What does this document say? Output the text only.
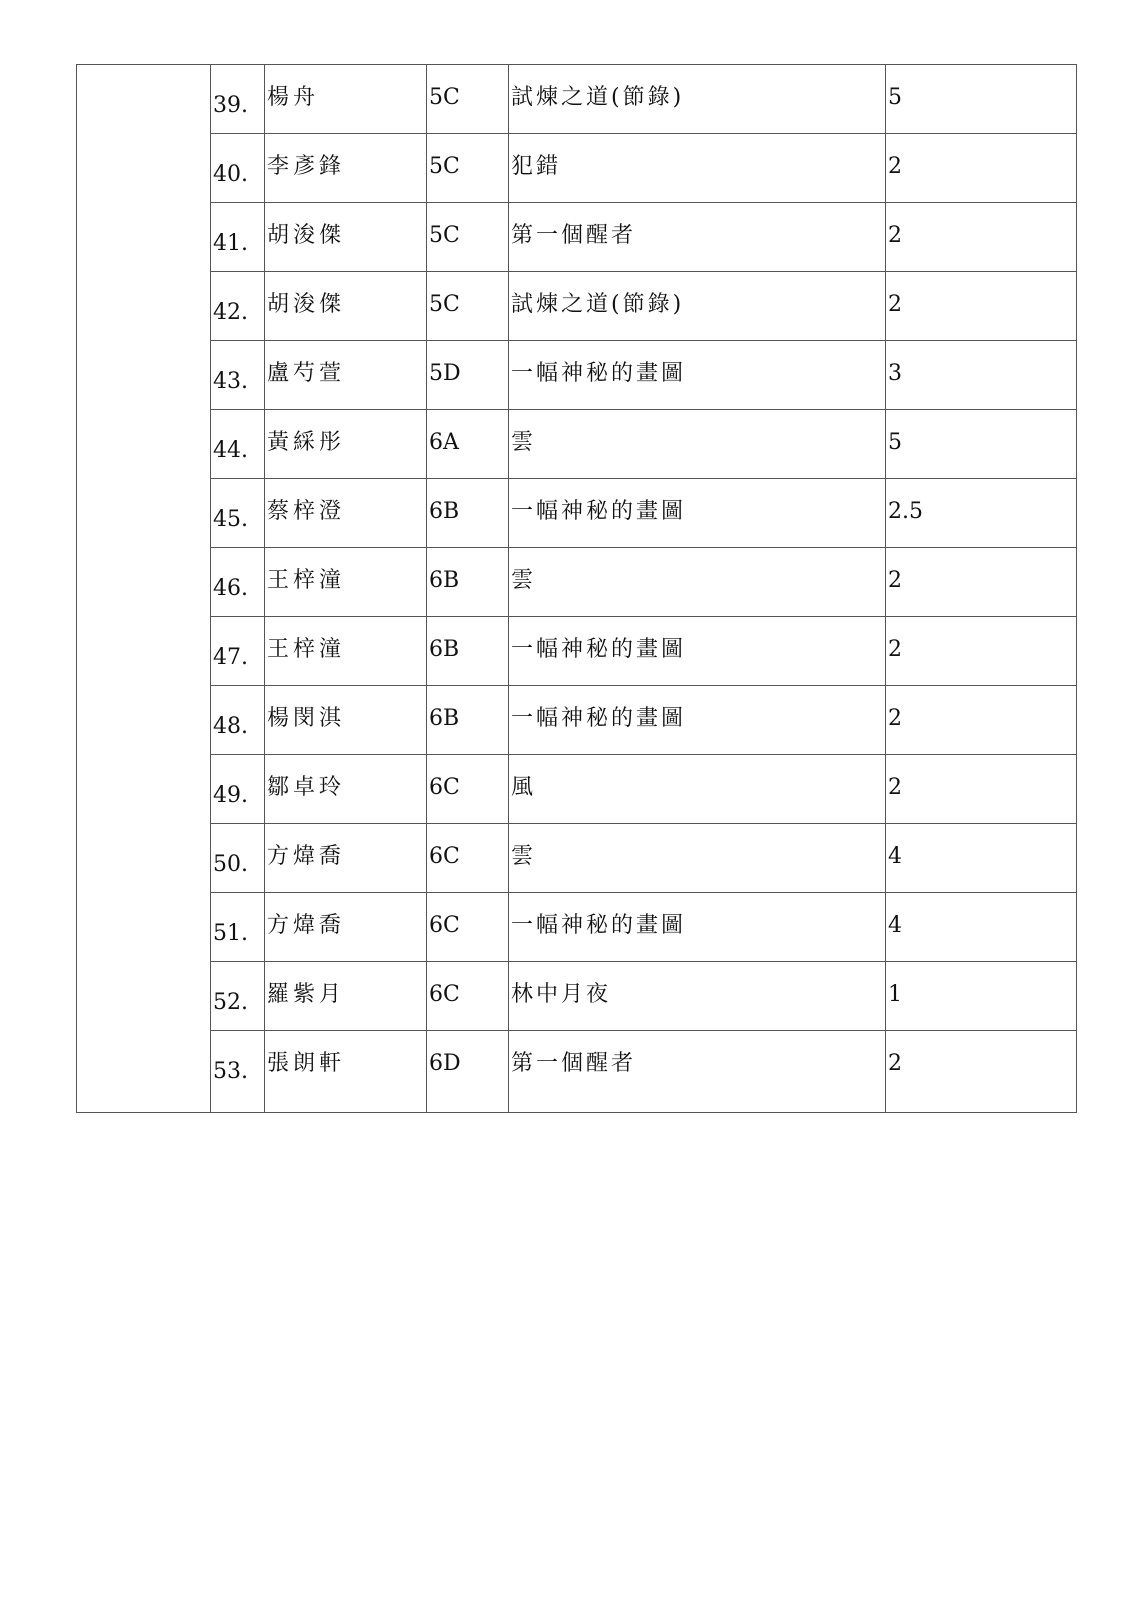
39. 楊舟	5C	試煉之道(節錄)	5
40. 李彥鋒	5C	犯錯	2
41. 胡浚傑	5C	第一個醒者	2
42. 胡浚傑	5C	試煉之道(節錄)	2
43. 盧芍萱	5D	一幅神秘的畫圖	3
44. 黃綵彤	6A	雲	5
45. 蔡梓澄	6B	一幅神秘的畫圖	2.5
46. 王梓潼	6B	雲	2
47. 王梓潼	6B	一幅神秘的畫圖	2
48. 楊閔淇	6B	一幅神秘的畫圖	2
49. 鄒卓玲	6C	風	2
50. 方煒喬	6C	雲	4
51. 方煒喬	6C	一幅神秘的畫圖	4
52. 羅紫月	6C	林中月夜	1
53. 張朗軒	6D	第一個醒者	2
